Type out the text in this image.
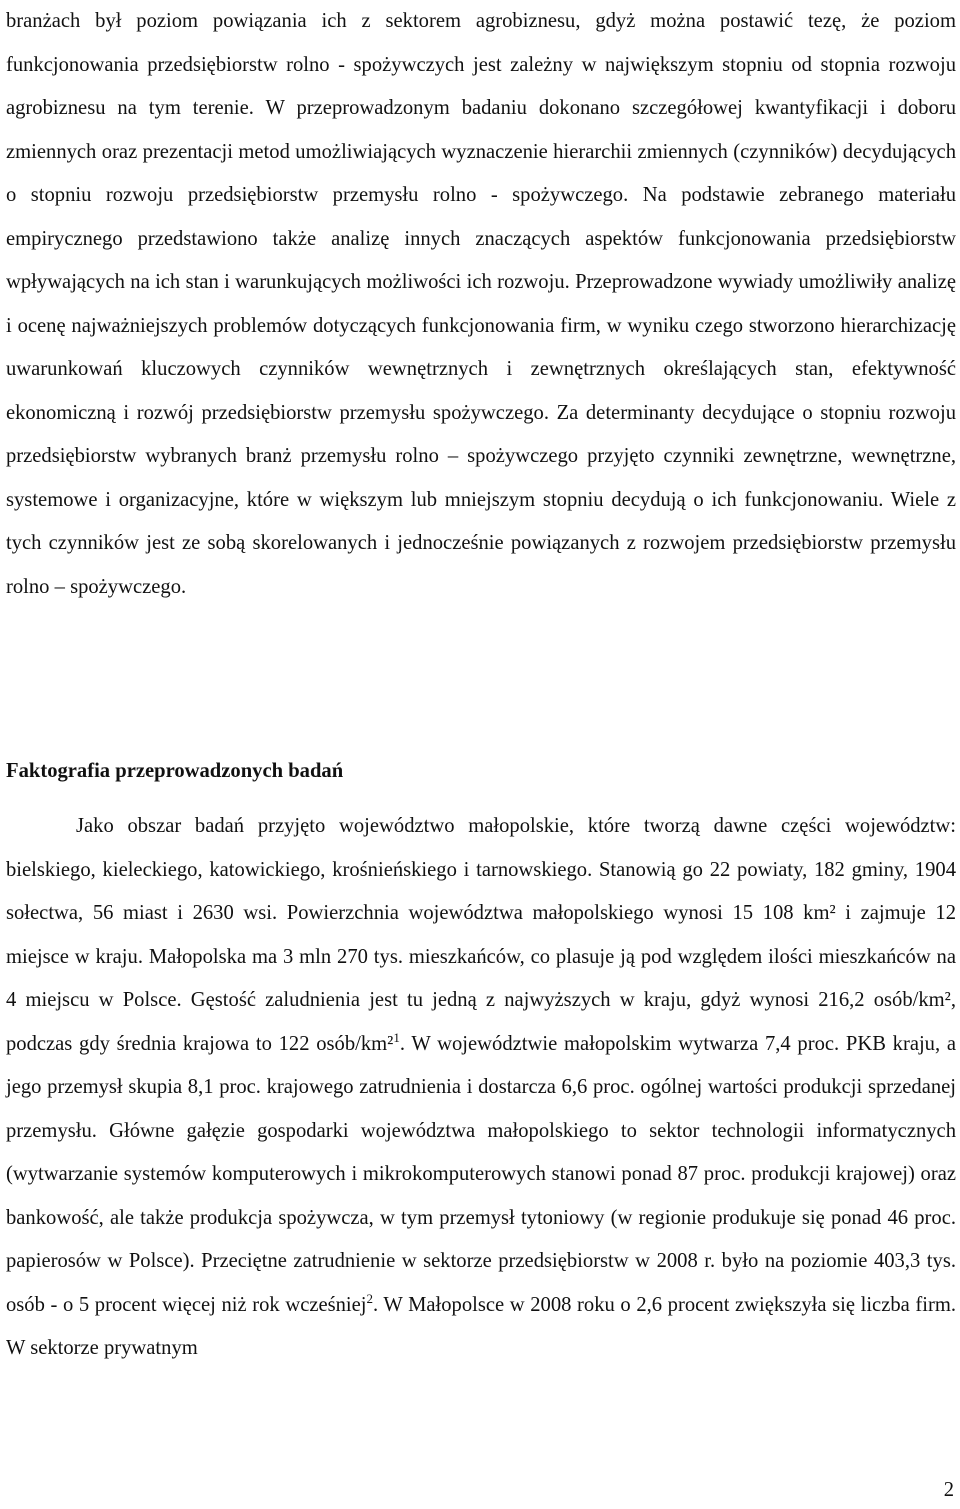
branżach był poziom powiązania ich z sektorem agrobiznesu, gdyż można postawić tezę, że poziom funkcjonowania przedsiębiorstw rolno - spożywczych jest zależny w największym stopniu od stopnia rozwoju agrobiznesu na tym terenie. W przeprowadzonym badaniu dokonano szczegółowej kwantyfikacji i doboru zmiennych oraz prezentacji metod umożliwiających wyznaczenie hierarchii zmiennych (czynników) decydujących o stopniu rozwoju przedsiębiorstw przemysłu rolno - spożywczego. Na podstawie zebranego materiału empirycznego przedstawiono także analizę innych znaczących aspektów funkcjonowania przedsiębiorstw wpływających na ich stan i warunkujących możliwości ich rozwoju. Przeprowadzone wywiady umożliwiły analizę i ocenę najważniejszych problemów dotyczących funkcjonowania firm, w wyniku czego stworzono hierarchizację uwarunkowań kluczowych czynników wewnętrznych i zewnętrznych określających stan, efektywność ekonomiczną i rozwój przedsiębiorstw przemysłu spożywczego. Za determinanty decydujące o stopniu rozwoju przedsiębiorstw wybranych branż przemysłu rolno – spożywczego przyjęto czynniki zewnętrzne, wewnętrzne, systemowe i organizacyjne, które w większym lub mniejszym stopniu decydują o ich funkcjonowaniu. Wiele z tych czynników jest ze sobą skorelowanych i jednocześnie powiązanych z rozwojem przedsiębiorstw przemysłu rolno – spożywczego.

Faktografia przeprowadzonych badań

Jako obszar badań przyjęto województwo małopolskie, które tworzą dawne części województw: bielskiego, kieleckiego, katowickiego, krośnieńskiego i tarnowskiego. Stanowią go 22 powiaty, 182 gminy, 1904 sołectwa, 56 miast i 2630 wsi. Powierzchnia województwa małopolskiego wynosi 15 108 km² i zajmuje 12 miejsce w kraju. Małopolska ma 3 mln 270 tys. mieszkańców, co plasuje ją pod względem ilości mieszkańców na 4 miejscu w Polsce. Gęstość zaludnienia jest tu jedną z najwyższych w kraju, gdyż wynosi 216,2 osób/km², podczas gdy średnia krajowa to 122 osób/km²$^1$. W województwie małopolskim wytwarza 7,4 proc. PKB kraju, a jego przemysł skupia 8,1 proc. krajowego zatrudnienia i dostarcza 6,6 proc. ogólnej wartości produkcji sprzedanej przemysłu. Główne gałęzie gospodarki województwa małopolskiego to sektor technologii informatycznych (wytwarzanie systemów komputerowych i mikrokomputerowych stanowi ponad 87 proc. produkcji krajowej) oraz bankowość, ale także produkcja spożywcza, w tym przemysł tytoniowy (w regionie produkuje się ponad 46 proc. papierosów w Polsce). Przeciętne zatrudnienie w sektorze przedsiębiorstw w 2008 r. było na poziomie 403,3 tys. osób - o 5 procent więcej niż rok wcześniej$^2$. W Małopolsce w 2008 roku o 2,6 procent zwiększyła się liczba firm. W sektorze prywatnym

2
